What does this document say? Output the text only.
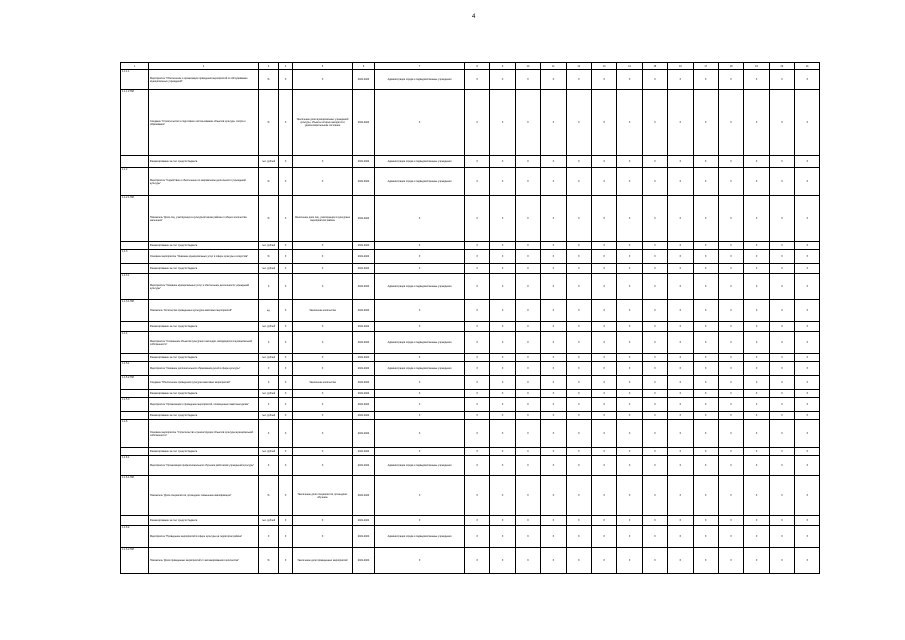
4
1	2	3	4	5	6	7	8	9	10	11	12	13	14	15	16	17	18	19	20	21	
1.1.1.1	Мероприятие "Обеспечение и организация проведения мероприятий по обслуживанию муниципальных учреждений"	%	X	X	2021-2024	Администрация города и подведомственные учреждения	X	X	X	X	X	X	X	X	X	X	X	X	X	X			
1.1.1.2.ПМ	Создание "Строительство и подготовка к использованию объектов культуры, спорта и образования"	%	X	Увеличение доли муниципальных учреждений культуры, объекты которых находятся в удовлетворительном состоянии	2021-2024	X	X	X	X	X	X	X	X	X	X	X	X	X	X	X			
	Финансирование за счет средств бюджета	тыс. рублей	X	X	2021-2024	Администрация города и подведомственные учреждения	X	X	X	X	X	X	X	X	X	X	X	X	X	X			
1.1.2	Мероприятие "Содействие и обеспечение по направлению деятельности учреждений культуры"	%	X	X	2021-2024	Администрация города и подведомственные учреждения	X	X	X	X	X	X	X	X	X	X	X	X	X	X			
1.1.2.1.ПМ	Показатель "Доля лиц, участвующих в культурной жизни района от общего количества населения"	%	X	Увеличение доли лиц, участвующих в культурных мероприятиях района	2021-2024	X	X	X	X	X	X	X	X	X	X	X	X	X	X	X			
	Финансирование за счет средств бюджета	тыс. рублей	X	X	2021-2024	X	X	X	X	X	X	X	X	X	X	X	X	X	X	X			
1.1.3	Основное мероприятие "Оказание муниципальных услуг в сфере культуры и искусства"	%	X	X	2021-2024	X	X	X	X	X	X	X	X	X	X	X	X	X	X	X			
	Финансирование за счет средств бюджета	тыс. рублей	X	X	2021-2024	X	X	X	X	X	X	X	X	X	X	X	X	X	X	X			
1.1.3.1	Мероприятие "Оказание муниципальных услуг и обеспечение деятельности учреждений культуры"	X	X	X	2021-2024	Администрация города и подведомственные учреждения	X	X	X	X	X	X	X	X	X	X	X	X	X	X			
1.1.3.1.ПМ	Показатель "Количество проведенных культурно-массовых мероприятий"	ед.	X	Увеличение количества	2021-2024	X	X	X	X	X	X	X	X	X	X	X	X	X	X	X			
	Финансирование за счет средств бюджета	тыс. рублей	X	X	2021-2024	X	X	X	X	X	X	X	X	X	X	X	X	X	X	X			
1.1.4	Мероприятие "Сохранение объектов культурного наследия, находящихся в муниципальной собственности"	X	X	X	2021-2024	Администрация города и подведомственные учреждения	X	X	X	X	X	X	X	X	X	X	X	X	X	X			
	Финансирование за счет средств бюджета	тыс. рублей	X	X	2021-2024	X	X	X	X	X	X	X	X	X	X	X	X	X	X	X			
1.1.5.1	Мероприятие "Оказание дополнительного образования детей в сфере культуры"	X	X	X	2021-2024	Администрация города и подведомственные учреждения	X	X	X	X	X	X	X	X	X	X	X	X	X	X			
1.1.5.2.ПМ	Создание "Обеспечение проведения культурно-массовых мероприятий"	X	X	Увеличение количества	2021-2024	X	X	X	X	X	X	X	X	X	X	X	X	X	X	X			
	Финансирование за счет средств бюджета	тыс. рублей	X	X	2021-2024	X	X	X	X	X	X	X	X	X	X	X	X	X	X	X			
1.1.5.3	Мероприятие "Организация и проведение мероприятий, посвященных памятным датам"	X	X	X	2021-2024	X	X	X	X	X	X	X	X	X	X	X	X	X	X	X			
	Финансирование за счет средств бюджета	тыс. рублей	X	X	2021-2024	X	X	X	X	X	X	X	X	X	X	X	X	X	X	X			
1.1.6	Основное мероприятие "Строительство и реконструкция объектов культуры муниципальной собственности"	X	X	X	2021-2024	X	X	X	X	X	X	X	X	X	X	X	X	X	X	X			
	Финансирование за счет средств бюджета	тыс. рублей	X	X	2021-2024	X	X	X	X	X	X	X	X	X	X	X	X	X	X	X			
1.1.6.1	Мероприятие "Организация профессионального обучения работников учреждений культуры"	X	X	X	2021-2024	Администрация города и подведомственные учреждения	X	X	X	X	X	X	X	X	X	X	X	X	X	X			
1.1.6.1.ПМ	Показатель "Доля специалистов, прошедших повышение квалификации"	%	X	Увеличение доли специалистов, прошедших обучение	2021-2024	X	X	X	X	X	X	X	X	X	X	X	X	X	X	X			
	Финансирование за счет средств бюджета	тыс. рублей	X	X	2021-2024	X	X	X	X	X	X	X	X	X	X	X	X	X	X	X			
1.1.6.2	Мероприятие "Проведение мероприятий в сфере культуры на территории района"	X	X	X	2021-2024	Администрация города и подведомственные учреждения	X	X	X	X	X	X	X	X	X	X	X	X	X	X			
1.1.6.2.ПМ	Показатель "Доля проведенных мероприятий от запланированного количества"	%	X	Увеличение доли проведенных мероприятий	2021-2024	X	X	X	X	X	X	X	X	X	X	X	X	X	X	X			
